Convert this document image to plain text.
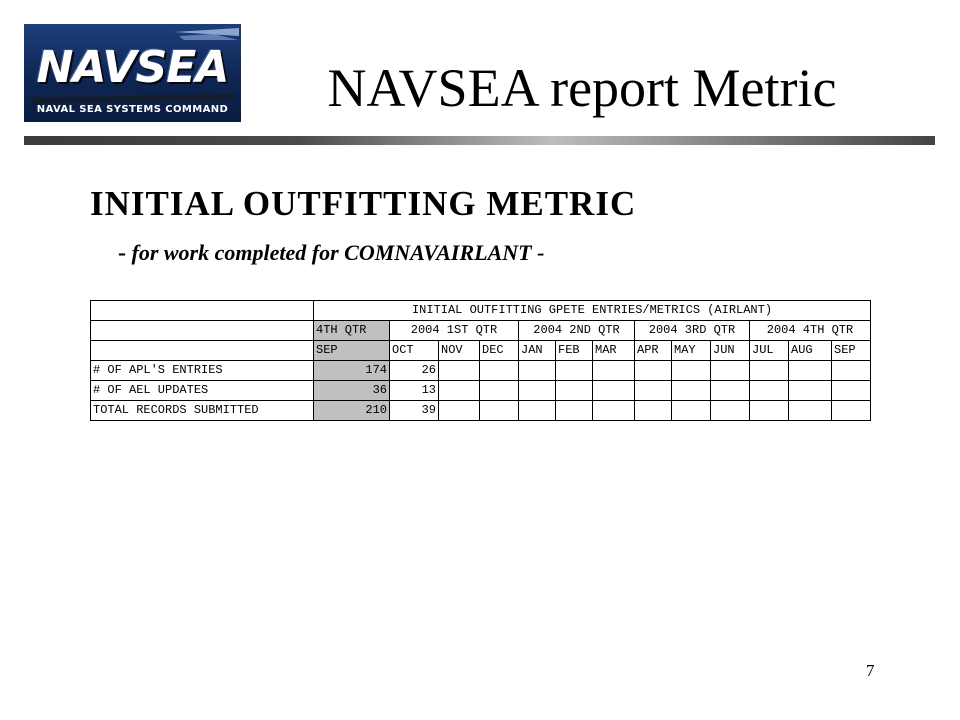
NAVSEA
NAVAL SEA SYSTEMS COMMAND	NAVSEA report Metric
INITIAL OUTFITTING METRIC
- for work completed for COMNAVAIRLANT -
INITIAL OUTFITTING GPETE ENTRIES/METRICS (AIRLANT)
4TH QTR	2004 1ST QTR	2004 2ND QTR	2004 3RD QTR	2004 4TH QTR
SEP	OCT	NOV	DEC	JAN	FEB	MAR	APR	MAY	JUN	JUL	AUG	SEP
# OF APL'S ENTRIES	174	26
# OF AEL UPDATES	36	13
TOTAL RECORDS SUBMITTED	210	39
7
